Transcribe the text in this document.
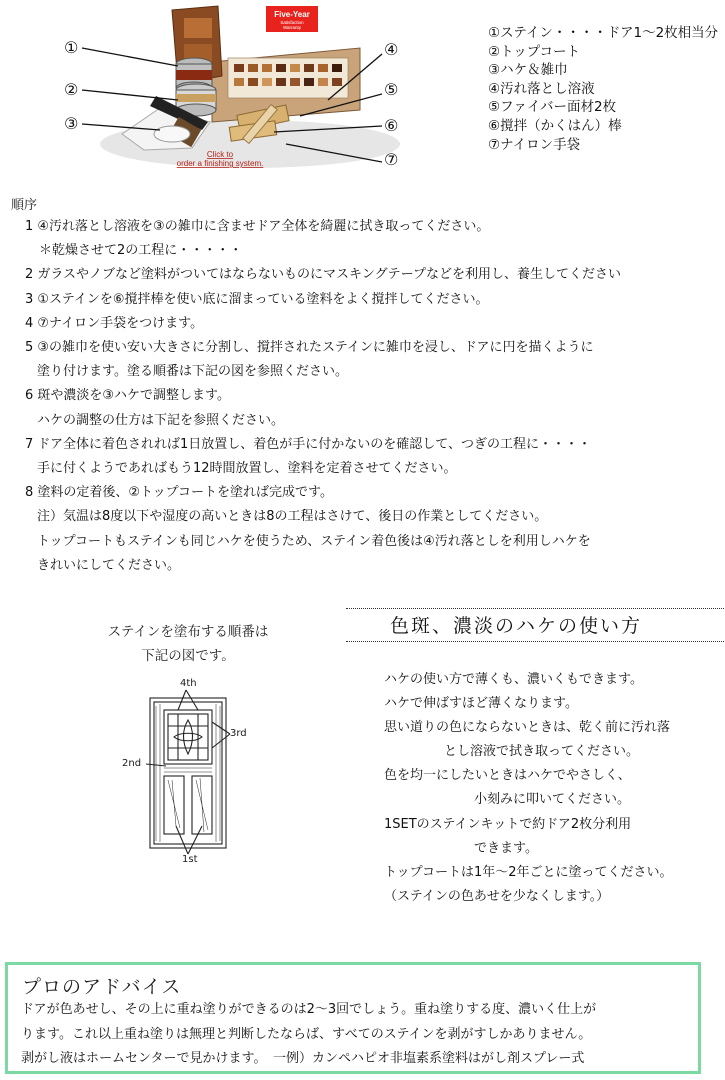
Five-Year
Satisfaction
Warranty
Click to
order a finishing system.
①
②
③
④
⑤
⑥
⑦
①ステイン・・・・ドア1～2枚相当分
②トップコート
③ハケ＆雑巾
④汚れ落とし溶液
⑤ファイバー面材2枚
⑥撹拌（かくはん）棒
⑦ナイロン手袋
順序
1 ④汚れ落とし溶液を③の雑巾に含ませドア全体を綺麗に拭き取ってください。
＊乾燥させて2の工程に・・・・・
2 ガラスやノブなど塗料がついてはならないものにマスキングテープなどを利用し、養生してください
3 ①ステインを⑥撹拌棒を使い底に溜まっている塗料をよく撹拌してください。
4 ⑦ナイロン手袋をつけます。
5 ③の雑巾を使い安い大きさに分割し、撹拌されたステインに雑巾を浸し、ドアに円を描くように
塗り付けます。塗る順番は下記の図を参照ください。
6 斑や濃淡を③ハケで調整します。
ハケの調整の仕方は下記を参照ください。
7 ドア全体に着色されれば1日放置し、着色が手に付かないのを確認して、つぎの工程に・・・・
手に付くようであればもう12時間放置し、塗料を定着させてください。
8 塗料の定着後、②トップコートを塗れば完成です。
注）気温は8度以下や湿度の高いときは8の工程はさけて、後日の作業としてください。
トップコートもステインも同じハケを使うため、ステイン着色後は④汚れ落としを利用しハケを
きれいにしてください。
ステインを塗布する順番は
下記の図です。
4th
2nd
3rd
1st
色斑、濃淡のハケの使い方
ハケの使い方で薄くも、濃いくもできます。
ハケで伸ばすほど薄くなります。
思い道りの色にならないときは、乾く前に汚れ落
とし溶液で拭き取ってください。
色を均一にしたいときはハケでやさしく、
小刻みに叩いてください。
1SETのステインキットで約ドア2枚分利用
できます。
トップコートは1年～2年ごとに塗ってください。
（ステインの色あせを少なくします。）
プロのアドバイス
ドアが色あせし、その上に重ね塗りができるのは2～3回でしょう。重ね塗りする度、濃いく仕上が
ります。これ以上重ね塗りは無理と判断したならば、すべてのステインを剥がすしかありません。
剥がし液はホームセンターで見かけます。　一例）カンペハピオ非塩素系塗料はがし剤スプレー式
